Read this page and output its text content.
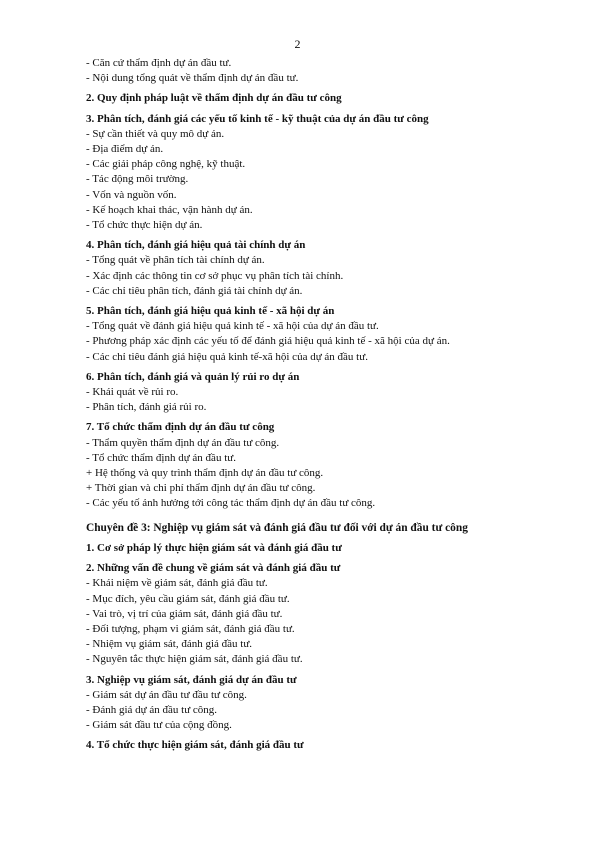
2
- Căn cứ thẩm định dự án đầu tư.
- Nội dung tổng quát về thẩm định dự án đầu tư.
2. Quy định pháp luật về thẩm định dự án đầu tư công
3. Phân tích, đánh giá các yếu tố kinh tế - kỹ thuật của dự án đầu tư công
- Sự cần thiết và quy mô dự án.
- Địa điểm dự án.
- Các giải pháp công nghệ, kỹ thuật.
- Tác động môi trường.
- Vốn và nguồn vốn.
- Kế hoạch khai thác, vận hành dự án.
- Tổ chức thực hiện dự án.
4. Phân tích, đánh giá hiệu quả tài chính dự án
- Tổng quát về phân tích tài chính dự án.
- Xác định các thông tin cơ sở phục vụ phân tích tài chính.
- Các chỉ tiêu phân tích, đánh giá tài chính dự án.
5. Phân tích, đánh giá hiệu quả kinh tế - xã hội dự án
- Tổng quát về đánh giá hiệu quả kinh tế - xã hội của dự án đầu tư.
- Phương pháp xác định các yếu tố để đánh giá hiệu quả kinh tế - xã hội của dự án.
- Các chỉ tiêu đánh giá hiệu quả kinh tế-xã hội của dự án đầu tư.
6. Phân tích, đánh giá và quản lý rủi ro dự án
- Khái quát về rủi ro.
- Phân tích, đánh giá rủi ro.
7. Tổ chức thẩm định dự án đầu tư công
- Thẩm quyền thẩm định dự án đầu tư công.
- Tổ chức thẩm định dự án đầu tư.
+ Hệ thống và quy trình thẩm định dự án đầu tư công.
+ Thời gian và chi phí thẩm định dự án đầu tư công.
- Các yếu tố ảnh hưởng tới công tác thẩm định dự án đầu tư công.
Chuyên đề 3: Nghiệp vụ giám sát và đánh giá đầu tư đối với dự án đầu tư công
1. Cơ sở pháp lý thực hiện giám sát và đánh giá đầu tư
2. Những vấn đề chung về giám sát và đánh giá đầu tư
- Khái niệm về giám sát, đánh giá đầu tư.
- Mục đích, yêu cầu giám sát, đánh giá đầu tư.
- Vai trò, vị trí của giám sát, đánh giá đầu tư.
- Đối tượng, phạm vi giám sát, đánh giá đầu tư.
- Nhiệm vụ giám sát, đánh giá đầu tư.
- Nguyên tắc thực hiện giám sát, đánh giá đầu tư.
3. Nghiệp vụ giám sát, đánh giá dự án đầu tư
- Giám sát dự án đầu tư đầu tư công.
- Đánh giá dự án đầu tư công.
- Giám sát đầu tư của cộng đồng.
4. Tổ chức thực hiện giám sát, đánh giá đầu tư
